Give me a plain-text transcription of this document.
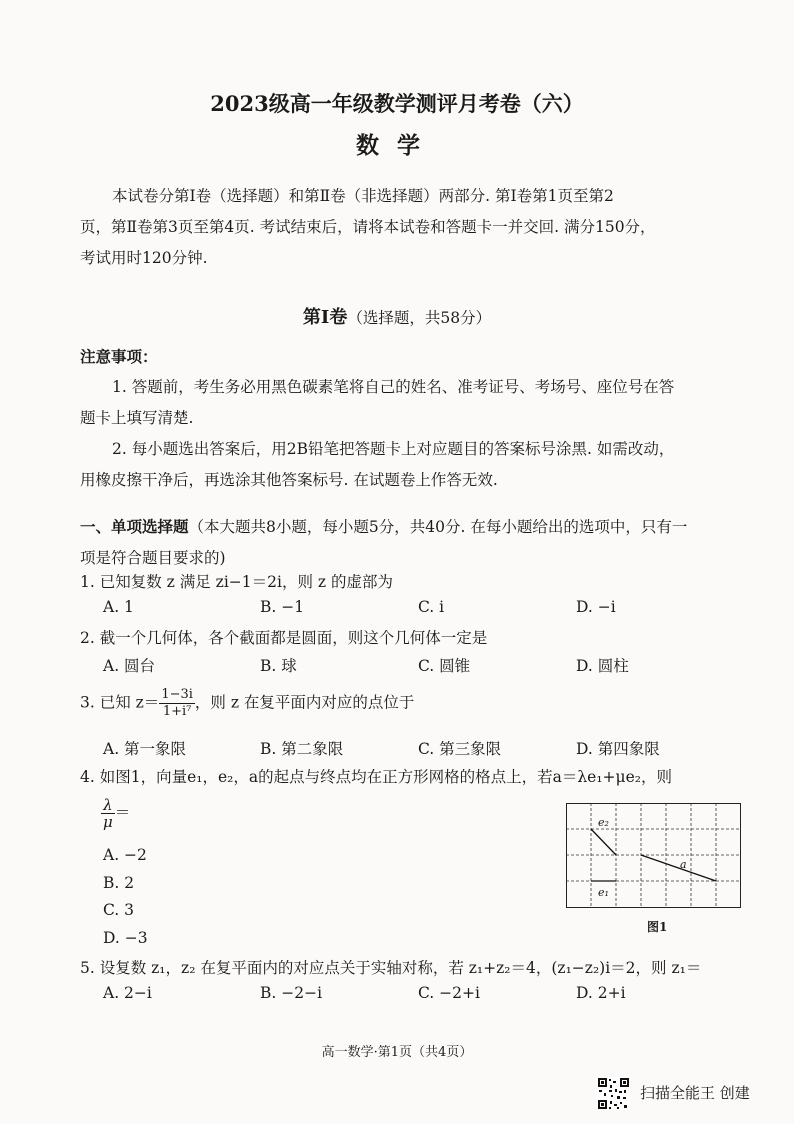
2023级高一年级教学测评月考卷（六）
数学
本试卷分第Ⅰ卷（选择题）和第Ⅱ卷（非选择题）两部分. 第Ⅰ卷第1页至第2
页，第Ⅱ卷第3页至第4页. 考试结束后，请将本试卷和答题卡一并交回. 满分150分，
考试用时120分钟.
第Ⅰ卷（选择题，共58分）
注意事项：
1. 答题前，考生务必用黑色碳素笔将自己的姓名、准考证号、考场号、座位号在答
题卡上填写清楚.
2. 每小题选出答案后，用2B铅笔把答题卡上对应题目的答案标号涂黑. 如需改动，
用橡皮擦干净后，再选涂其他答案标号. 在试题卷上作答无效.
一、单项选择题（本大题共8小题，每小题5分，共40分. 在每小题给出的选项中，只有一
项是符合题目要求的)
1. 已知复数 z 满足 zi−1＝2i，则 z 的虚部为
A. 1	B. −1	C. i	D. −i
2. 截一个几何体，各个截面都是圆面，则这个几何体一定是
A. 圆台	B. 球	C. 圆锥	D. 圆柱
3. 已知 $z= \frac{1-3i}{\text{1+i⁷}}$ ，则 z 在复平面内对应的点位于
A. 第一象限	B. 第二象限	C. 第三象限	D. 第四象限
4. 如图1，向量e₁，e₂，a的起点与终点均在正方形网格的格点上，若a＝λe₁+μe₂，则
$\frac{\lambda}{\mu}$ ＝
A. −2
B. 2
C. 3
D. −3
e₂
a
e₁
图1
5. 设复数 z₁，z₂ 在复平面内的对应点关于实轴对称，若 z₁+z₂＝4，(z₁−z₂)i＝2，则 z₁＝
A. 2−i	B. −2−i	C. −2+i	D. 2+i
高一数学·第1页（共4页）
扫描全能王 创建
